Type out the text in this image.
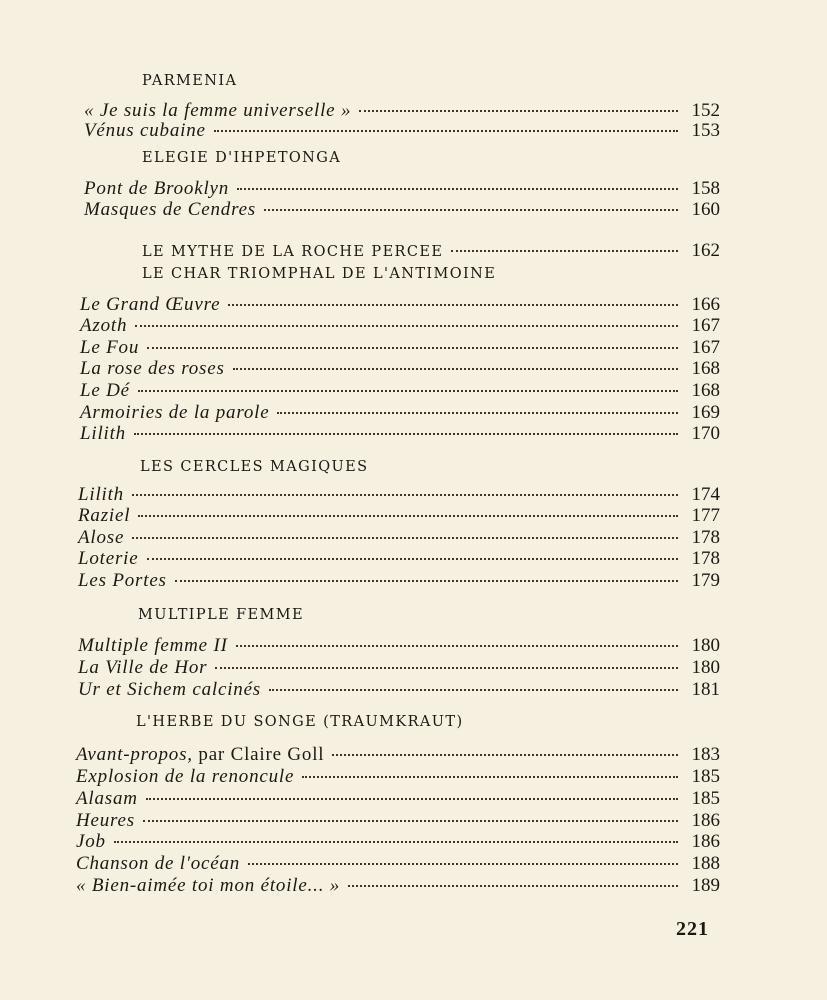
PARMENIA
« Je suis la femme universelle »	152
Vénus cubaine	153
ELEGIE D'IHPETONGA
Pont de Brooklyn	158
Masques de Cendres	160
LE MYTHE DE LA ROCHE PERCEE	162
LE CHAR TRIOMPHAL DE L'ANTIMOINE
Le Grand Œuvre	166
Azoth	167
Le Fou	167
La rose des roses	168
Le Dé	168
Armoiries de la parole	169
Lilith	170
LES CERCLES MAGIQUES
Lilith	174
Raziel	177
Alose	178
Loterie	178
Les Portes	179
MULTIPLE FEMME
Multiple femme II	180
La Ville de Hor	180
Ur et Sichem calcinés	181
L'HERBE DU SONGE (TRAUMKRAUT)
Avant-propos, par Claire Goll	183
Explosion de la renoncule	185
Alasam	185
Heures	186
Job	186
Chanson de l'océan	188
« Bien-aimée toi mon étoile... »	189
221
